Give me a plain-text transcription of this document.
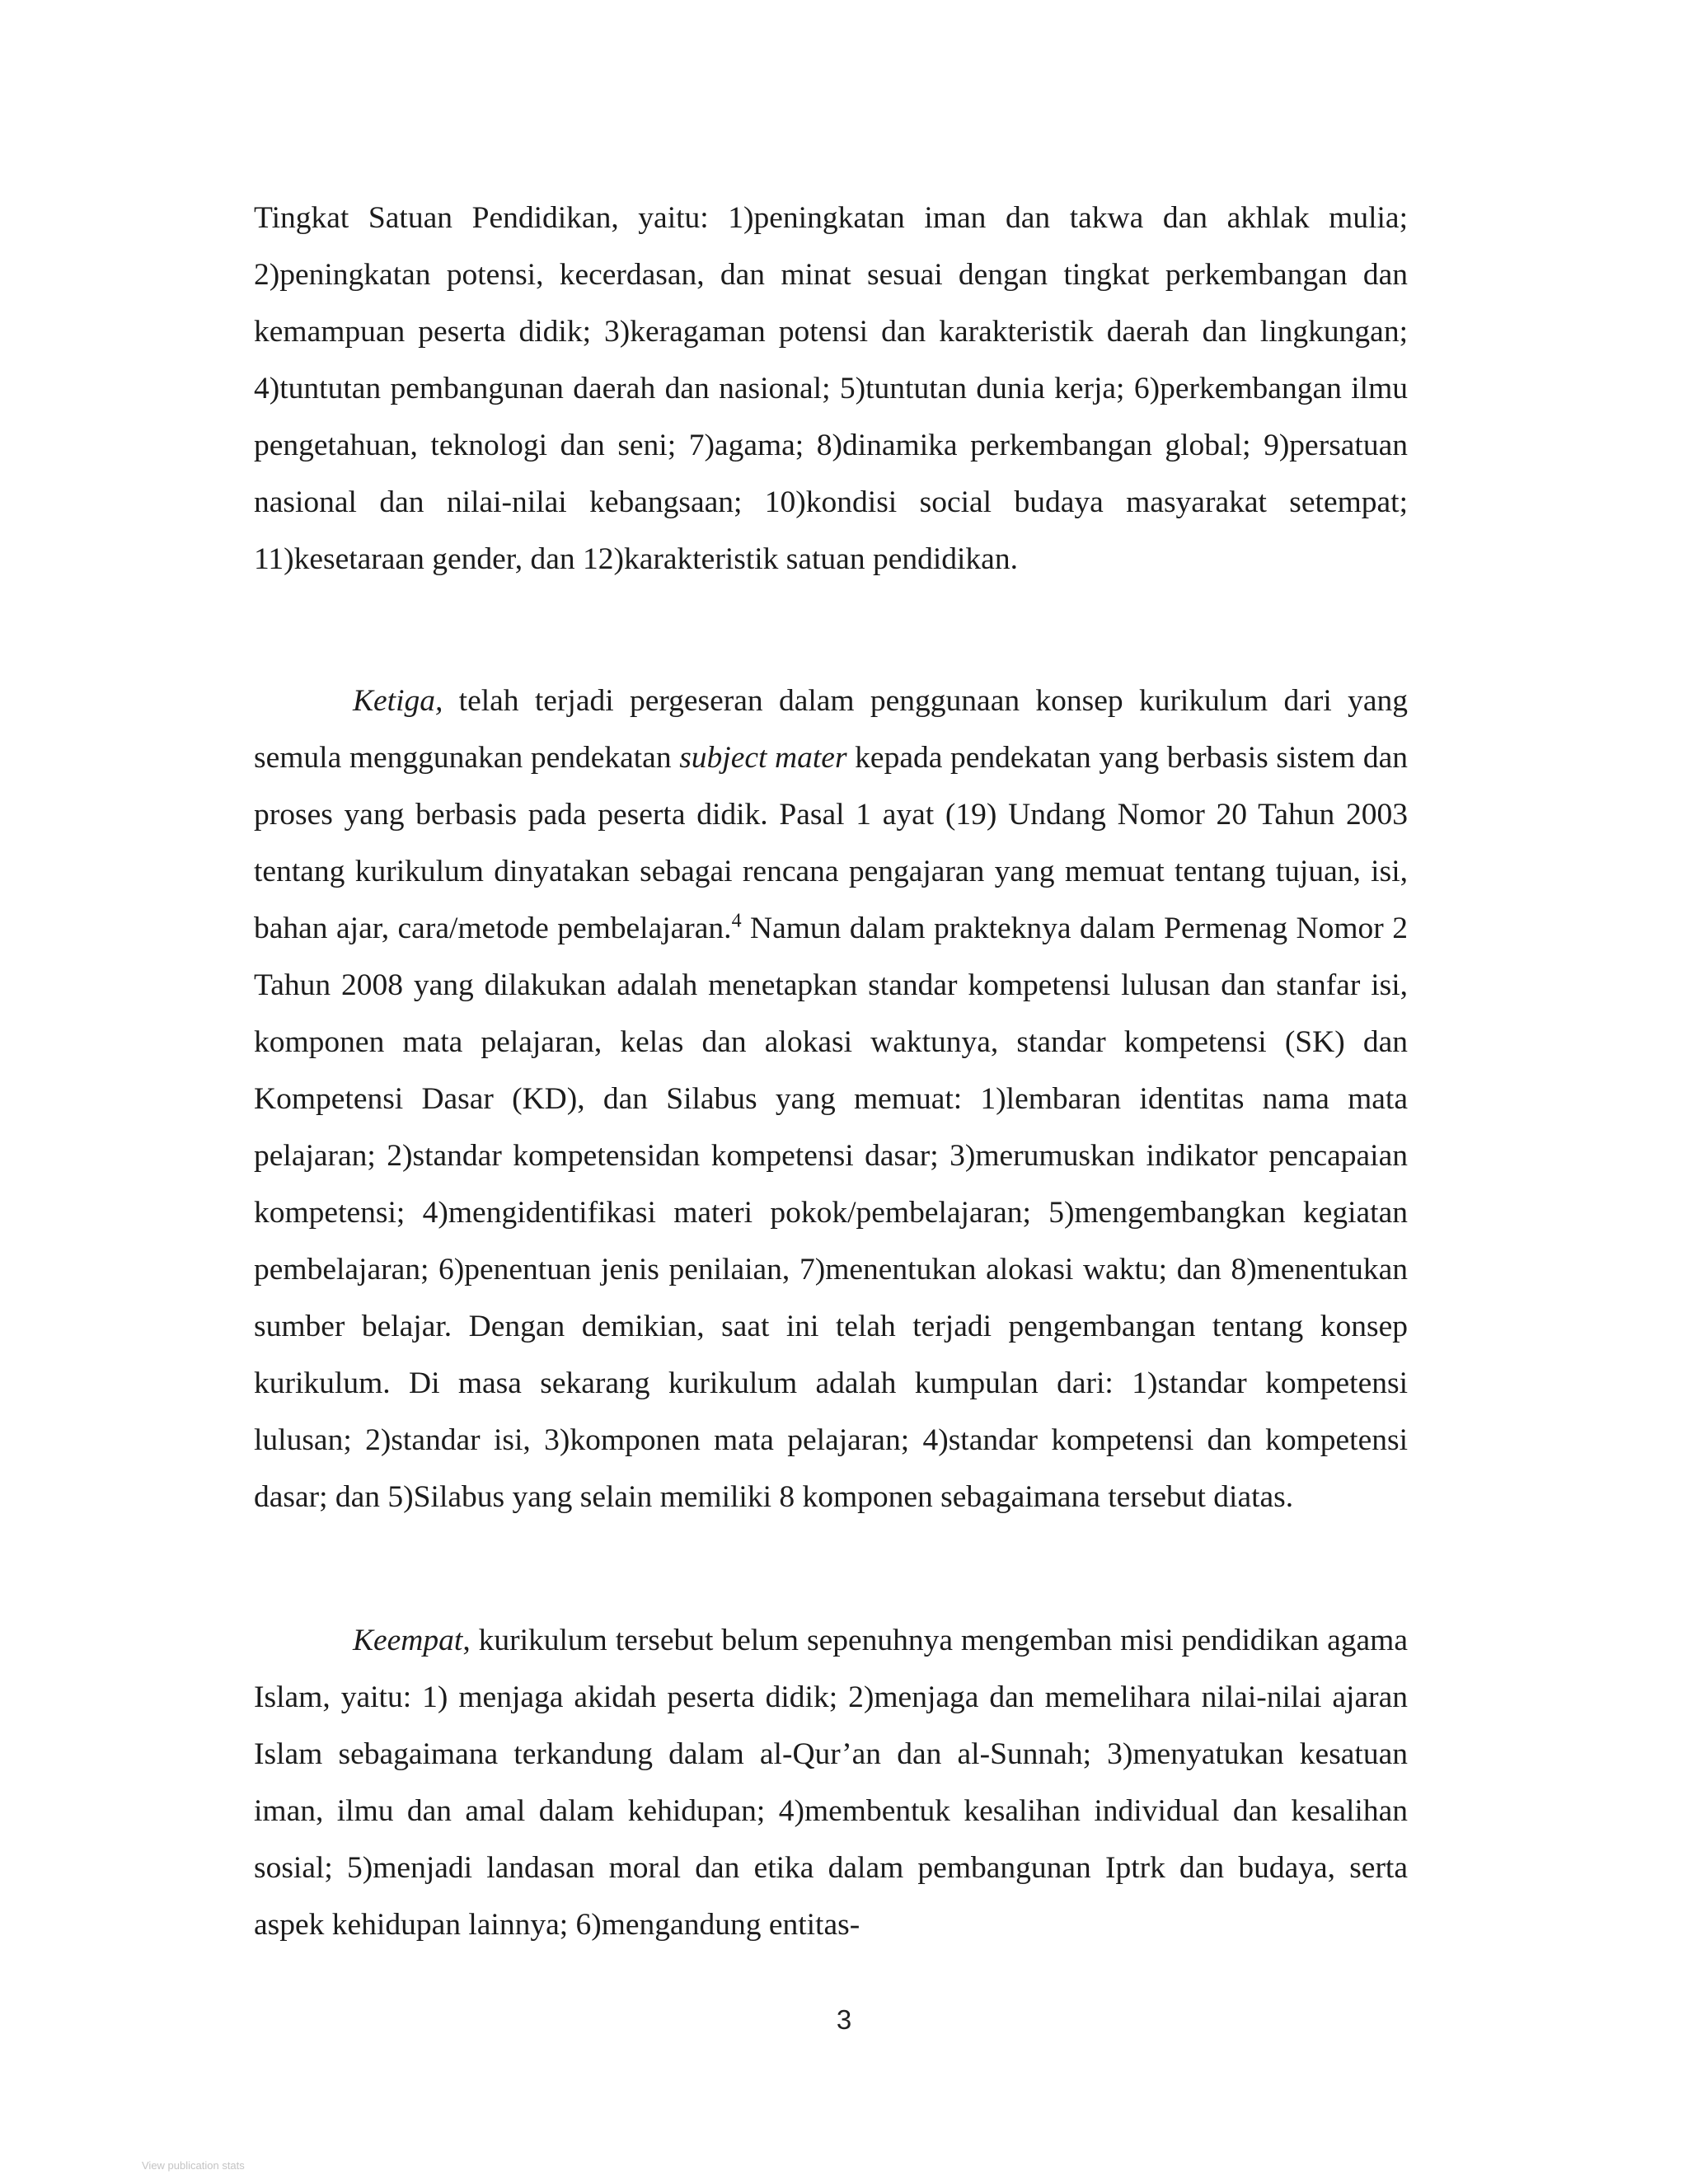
Tingkat Satuan Pendidikan, yaitu: 1)peningkatan iman dan takwa dan akhlak mulia; 2)peningkatan potensi, kecerdasan, dan minat sesuai dengan tingkat perkembangan dan kemampuan peserta didik; 3)keragaman potensi dan karakteristik daerah dan lingkungan; 4)tuntutan pembangunan daerah dan nasional; 5)tuntutan dunia kerja; 6)perkembangan ilmu pengetahuan, teknologi dan seni; 7)agama; 8)dinamika perkembangan global; 9)persatuan nasional dan nilai-nilai kebangsaan; 10)kondisi social budaya masyarakat setempat; 11)kesetaraan gender, dan 12)karakteristik satuan pendidikan.

Ketiga, telah terjadi pergeseran dalam penggunaan konsep kurikulum dari yang semula menggunakan pendekatan subject mater kepada pendekatan yang berbasis sistem dan proses yang berbasis pada peserta didik. Pasal 1 ayat (19) Undang Nomor 20 Tahun 2003 tentang kurikulum dinyatakan sebagai rencana pengajaran yang memuat tentang tujuan, isi, bahan ajar, cara/metode pembelajaran.$^4$ Namun dalam prakteknya dalam Permenag Nomor 2 Tahun 2008 yang dilakukan adalah menetapkan standar kompetensi lulusan dan stanfar isi, komponen mata pelajaran, kelas dan alokasi waktunya, standar kompetensi (SK) dan Kompetensi Dasar (KD), dan Silabus yang memuat: 1)lembaran identitas nama mata pelajaran; 2)standar kompetensidan kompetensi dasar; 3)merumuskan indikator pencapaian kompetensi; 4)mengidentifikasi materi pokok/pembelajaran; 5)mengembangkan kegiatan pembelajaran; 6)penentuan jenis penilaian, 7)menentukan alokasi waktu; dan 8)menentukan sumber belajar. Dengan demikian, saat ini telah terjadi pengembangan tentang konsep kurikulum. Di masa sekarang kurikulum adalah kumpulan dari: 1)standar kompetensi lulusan; 2)standar isi, 3)komponen mata pelajaran; 4)standar kompetensi dan kompetensi dasar; dan 5)Silabus yang selain memiliki 8 komponen sebagaimana tersebut diatas.

Keempat, kurikulum tersebut belum sepenuhnya mengemban misi pendidikan agama Islam, yaitu: 1) menjaga akidah peserta didik; 2)menjaga dan memelihara nilai-nilai ajaran Islam sebagaimana terkandung dalam al-Qur’an dan al-Sunnah; 3)menyatukan kesatuan iman, ilmu dan amal dalam kehidupan; 4)membentuk kesalihan individual dan kesalihan sosial; 5)menjadi landasan moral dan etika dalam pembangunan Iptrk dan budaya, serta aspek kehidupan lainnya; 6)mengandung entitas-

3

View publication stats
